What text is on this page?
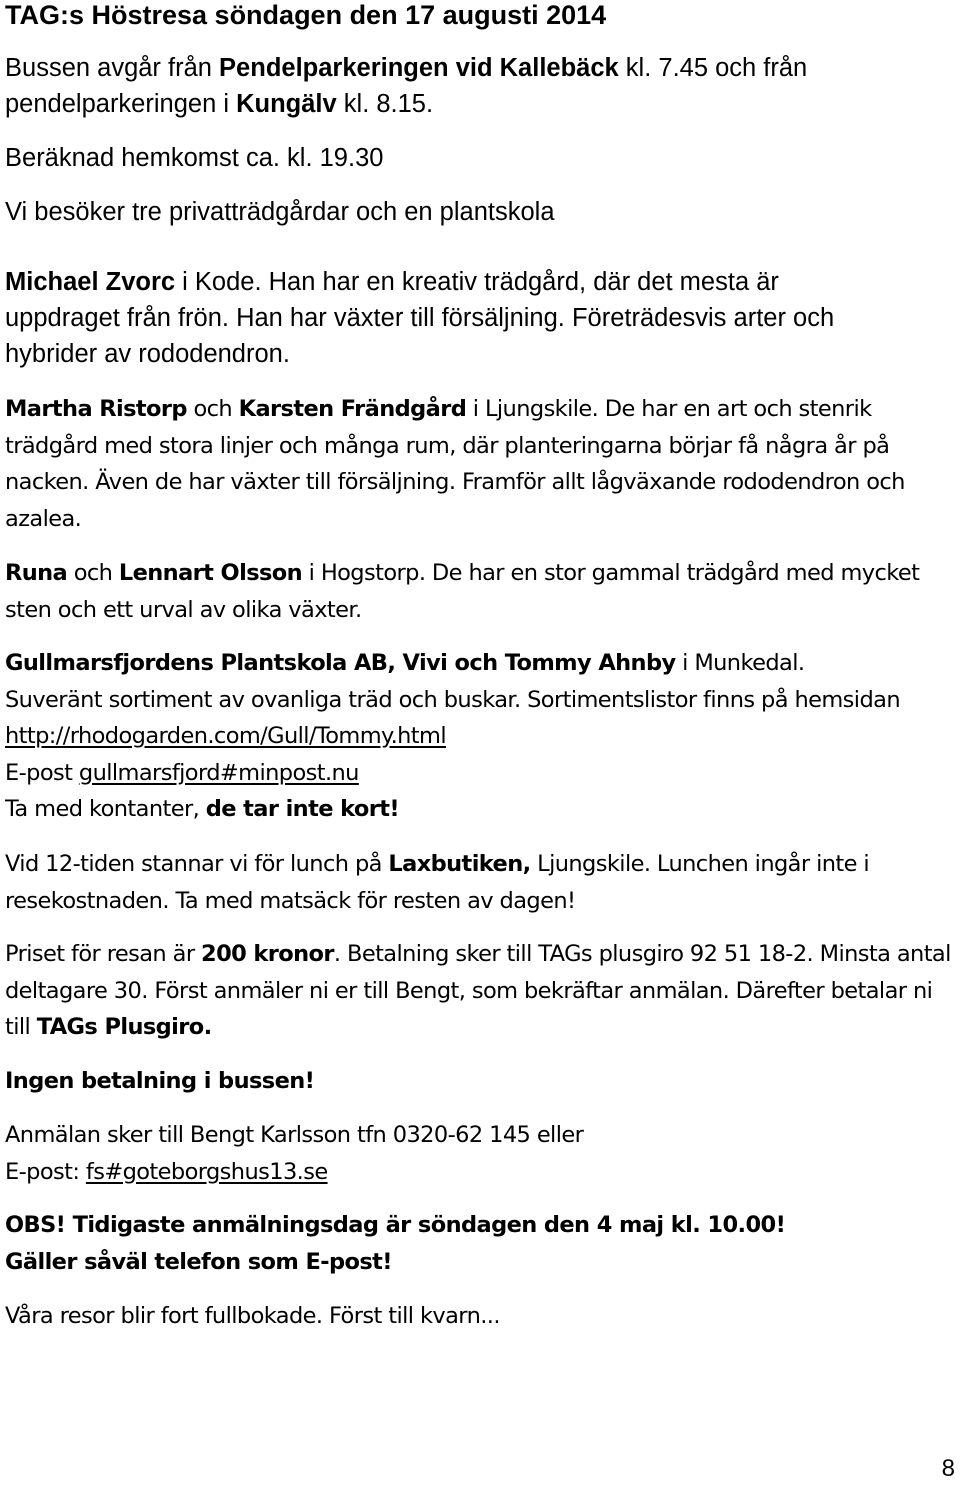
TAG:s Höstresa söndagen den 17 augusti 2014

Bussen avgår från Pendelparkeringen vid Kallebäck kl. 7.45 och från pendelparkeringen i Kungälv kl. 8.15.

Beräknad hemkomst ca. kl. 19.30

Vi besöker tre privatträdgårdar och en plantskola

Michael Zvorc i Kode. Han har en kreativ trädgård, där det mesta är uppdraget från frön. Han har växter till försäljning. Företrädesvis arter och hybrider av rododendron.

Martha Ristorp och Karsten Frändgård i Ljungskile. De har en art och stenrik trädgård med stora linjer och många rum, där planteringarna börjar få några år på nacken. Även de har växter till försäljning. Framför allt lågväxande rododendron och azalea.

Runa och Lennart Olsson i Hogstorp. De har en stor gammal trädgård med mycket sten och ett urval av olika växter.

Gullmarsfjordens Plantskola AB, Vivi och Tommy Ahnby i Munkedal.
Suveränt sortiment av ovanliga träd och buskar. Sortimentslistor finns på hemsidan http://rhodogarden.com/Gull/Tommy.html
E-post gullmarsfjord#minpost.nu
Ta med kontanter, de tar inte kort!

Vid 12-tiden stannar vi för lunch på Laxbutiken, Ljungskile. Lunchen ingår inte i resekostnaden. Ta med matsäck för resten av dagen!

Priset för resan är 200 kronor. Betalning sker till TAGs plusgiro 92 51 18-2. Minsta antal deltagare 30. Först anmäler ni er till Bengt, som bekräftar anmälan. Därefter betalar ni till TAGs Plusgiro.

Ingen betalning i bussen!

Anmälan sker till Bengt Karlsson tfn 0320-62 145 eller
E-post: fs#goteborgshus13.se
OBS! Tidigaste anmälningsdag är söndagen den 4 maj kl. 10.00!
Gäller såväl telefon som E-post!

Våra resor blir fort fullbokade. Först till kvarn...

8
